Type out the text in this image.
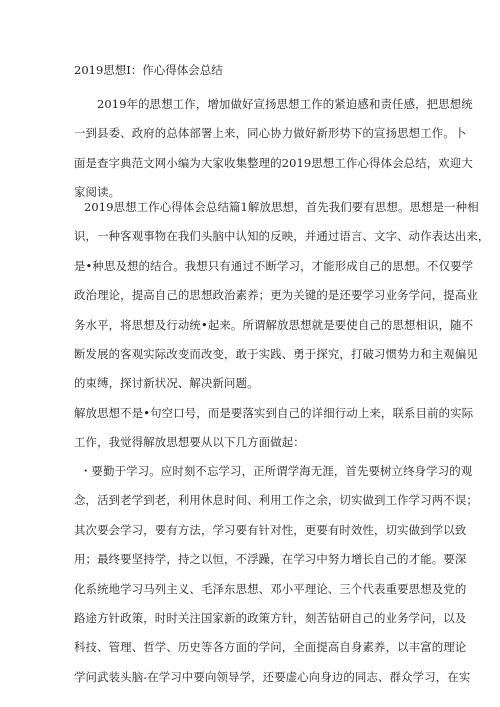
2019思想I：作心得体会总结
2019年的思想工作，增加做好宣扬思想工作的紧迫感和责任感，把思想统
一到县委、政府的总体部署上来，同心协力做好新形势下的宣扬思想工作。卜
面是查字典范文网小编为大家收集整理的2019思想工作心得体会总结，欢迎大
家阅读。
2019思想工作心得体会总结篇1解放思想，首先我们要有思想。思想是一种相
识，一种客观事物在我们头脑中认知的反映，并通过语言、文字、动作表达出来，
是•种思及想的结合。我想只有通过不断学习，才能形成自己的思想。不仅要学
政治理论，提高自己的思想政治素养；更为关键的是还要学习业务学问，提高业
务水平，将思想及行动统•起来。所谓解放思想就是要使自己的思想相识，随不
断发展的客观实际改变而改变，敢于实践、勇于探究，打破习惯势力和主观偏见
的束缚，探讨新状况、解决新问题。
解放思想不是•句空口号，而是要落实到自己的详细行动上来，联系目前的实际
工作，我觉得解放思想要从以下几方面做起：
・要勤于学习。应时刻不忘学习，正所谓学海无涯，首先要树立终身学习的观
念，活到老学到老，利用休息时间、利用工作之余，切实做到工作学习两不误；
其次要会学习，要有方法，学习要有针对性，更要有时效性，切实做到学以致
用；最终要坚持学，持之以恒，不浮躁，在学习中努力增长自己的才能。要深
化系统地学习马列主义、毛泽东思想、邓小平理论、三个代表重要思想及党的
路途方针政策，时时关注国家新的政策方针，刻苦钻研自己的业务学问，以及
科技、管理、哲学、历史等各方面的学问，全面提高自身素养，以丰富的理论
学问武装头脑-在学习中要向领导学，还要虚心向身边的同志、群众学习，在实
